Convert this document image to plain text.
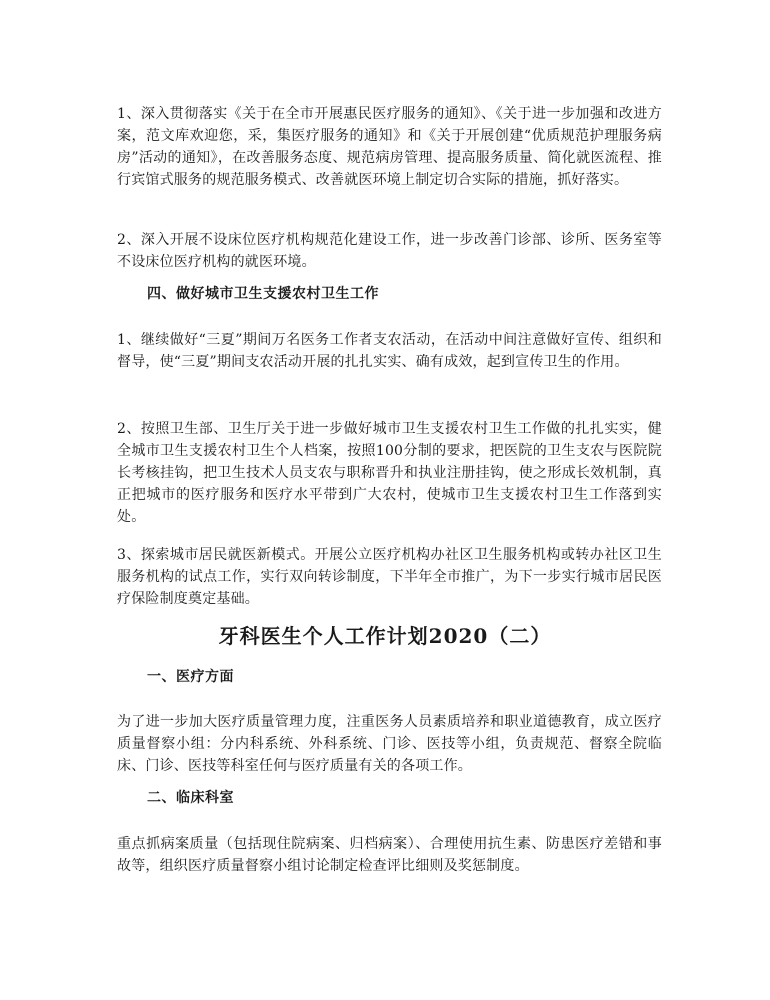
1、深入贯彻落实《关于在全市开展惠民医疗服务的通知》、《关于进一步加强和改进方案，范文库欢迎您，采，集医疗服务的通知》和《关于开展创建“优质规范护理服务病房”活动的通知》，在改善服务态度、规范病房管理、提高服务质量、简化就医流程、推行宾馆式服务的规范服务模式、改善就医环境上制定切合实际的措施，抓好落实。

2、深入开展不设床位医疗机构规范化建设工作，进一步改善门诊部、诊所、医务室等不设床位医疗机构的就医环境。

四、做好城市卫生支援农村卫生工作

1、继续做好“三夏”期间万名医务工作者支农活动，在活动中间注意做好宣传、组织和督导，使“三夏”期间支农活动开展的扎扎实实、确有成效，起到宣传卫生的作用。

2、按照卫生部、卫生厅关于进一步做好城市卫生支援农村卫生工作做的扎扎实实，健全城市卫生支援农村卫生个人档案，按照100分制的要求，把医院的卫生支农与医院院长考核挂钩，把卫生技术人员支农与职称晋升和执业注册挂钩，使之形成长效机制，真正把城市的医疗服务和医疗水平带到广大农村，使城市卫生支援农村卫生工作落到实处。

3、探索城市居民就医新模式。开展公立医疗机构办社区卫生服务机构或转办社区卫生服务机构的试点工作，实行双向转诊制度，下半年全市推广，为下一步实行城市居民医疗保险制度奠定基础。

牙科医生个人工作计划2020（二）

一、医疗方面

为了进一步加大医疗质量管理力度，注重医务人员素质培养和职业道德教育，成立医疗质量督察小组：分内科系统、外科系统、门诊、医技等小组，负责规范、督察全院临床、门诊、医技等科室任何与医疗质量有关的各项工作。

二、临床科室

重点抓病案质量（包括现住院病案、归档病案）、合理使用抗生素、防患医疗差错和事故等，组织医疗质量督察小组讨论制定检查评比细则及奖惩制度。
